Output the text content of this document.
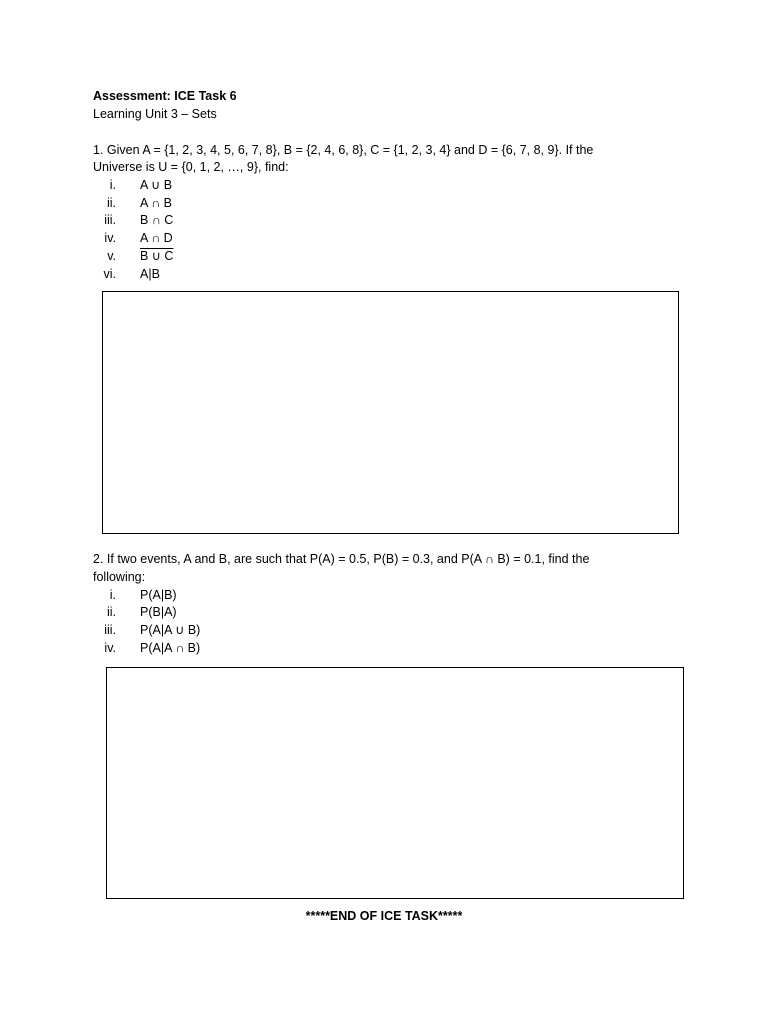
Assessment: ICE Task 6
Learning Unit 3 – Sets
1. Given A = {1, 2, 3, 4, 5, 6, 7, 8}, B = {2, 4, 6, 8}, C = {1, 2, 3, 4} and D = {6, 7, 8, 9}. If the
Universe is U = {0, 1, 2, …, 9}, find:
i. A ∪ B
ii. A ∩ B
iii. B ∩ C
iv. A ∩ D
v. B ∪ C
vi. A|B
2. If two events, A and B, are such that P(A) = 0.5, P(B) = 0.3, and P(A ∩ B) = 0.1, find the
following:
i. P(A|B)
ii. P(B|A)
iii. P(A|A ∪ B)
iv. P(A|A ∩ B)
*****END OF ICE TASK*****
